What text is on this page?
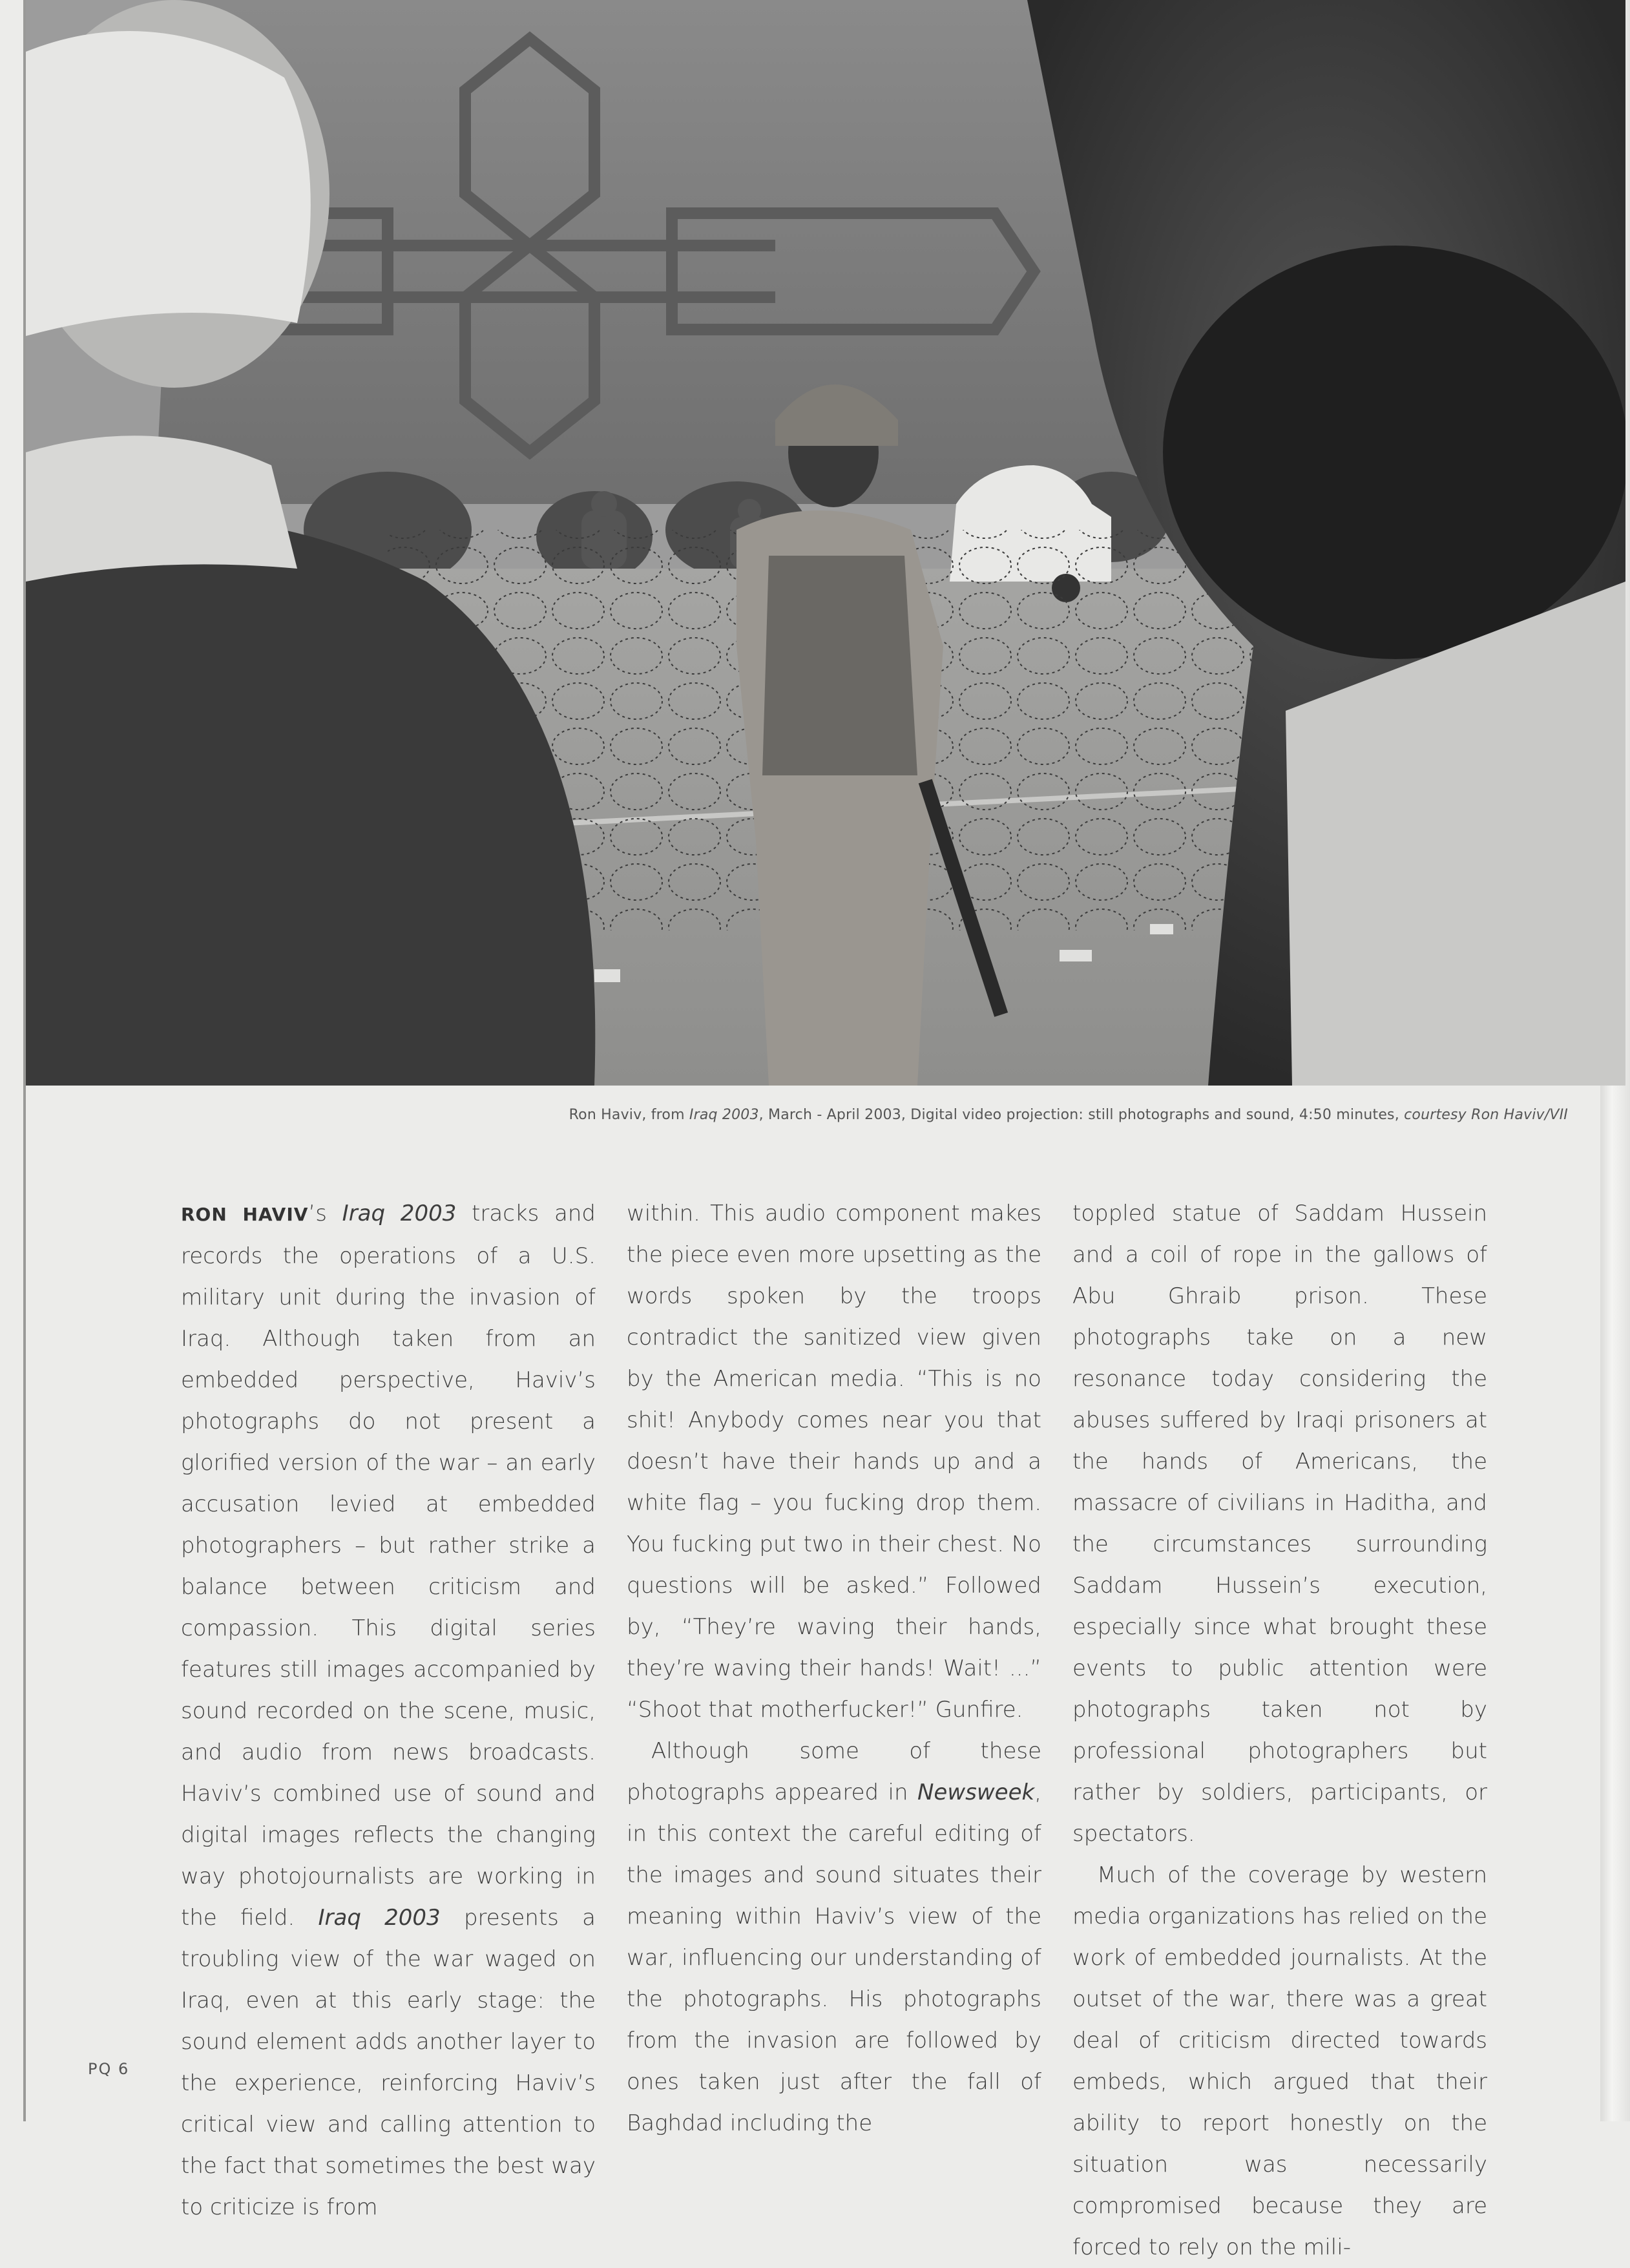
Ron Haviv, from Iraq 2003, March - April 2003, Digital video projection: still photographs and sound, 4:50 minutes, courtesy Ron Haviv/VII

RON HAVIV’s Iraq 2003 tracks and records the operations of a U.S. military unit during the invasion of Iraq. Although taken from an embedded perspective, Haviv’s photographs do not present a glorified version of the war – an early accusation levied at embedded photographers – but rather strike a balance between criticism and compassion. This digital series features still images accompanied by sound recorded on the scene, music, and audio from news broadcasts. Haviv’s combined use of sound and digital images reflects the changing way photojournalists are working in the field. Iraq 2003 presents a troubling view of the war waged on Iraq, even at this early stage: the sound element adds another layer to the experience, reinforcing Haviv’s critical view and calling attention to the fact that sometimes the best way to criticize is from

within. This audio component makes the piece even more upsetting as the words spoken by the troops contradict the sanitized view given by the American media. “This is no shit! Anybody comes near you that doesn’t have their hands up and a white flag – you fucking drop them. You fucking put two in their chest. No questions will be asked.” Followed by, “They’re waving their hands, they’re waving their hands! Wait! ...” “Shoot that motherfucker!” Gunfire.

Although some of these photographs appeared in Newsweek, in this context the careful editing of the images and sound situates their meaning within Haviv’s view of the war, influencing our understanding of the photographs. His photographs from the invasion are followed by ones taken just after the fall of Baghdad including the

toppled statue of Saddam Hussein and a coil of rope in the gallows of Abu Ghraib prison. These photographs take on a new resonance today considering the abuses suffered by Iraqi prisoners at the hands of Americans, the massacre of civilians in Haditha, and the circumstances surrounding Saddam Hussein’s execution, especially since what brought these events to public attention were photographs taken not by professional photographers but rather by soldiers, participants, or spectators.

Much of the coverage by western media organizations has relied on the work of embedded journalists. At the outset of the war, there was a great deal of criticism directed towards embeds, which argued that their ability to report honestly on the situation was necessarily compromised because they are forced to rely on the mili-

PQ 6
